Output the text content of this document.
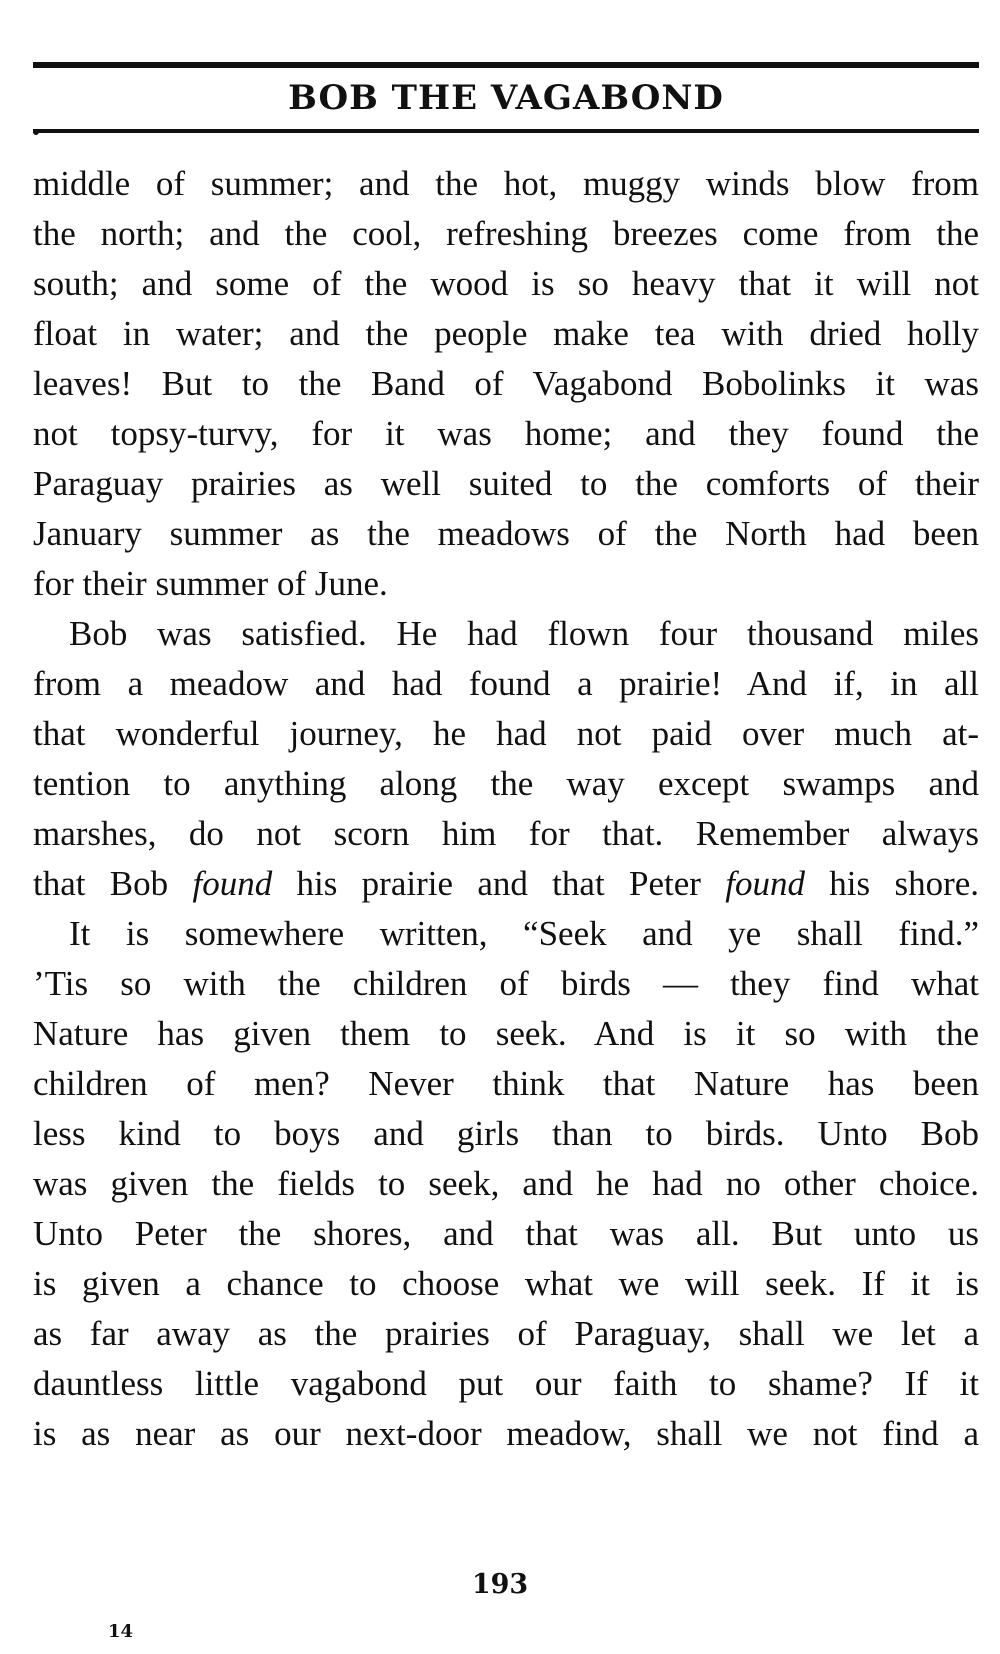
BOB THE VAGABOND
middle of summer; and the hot, muggy winds blow from
the north; and the cool, refreshing breezes come from the
south; and some of the wood is so heavy that it will not
float in water; and the people make tea with dried holly
leaves! But to the Band of Vagabond Bobolinks it was
not topsy-turvy, for it was home; and they found the
Paraguay prairies as well suited to the comforts of their
January summer as the meadows of the North had been
for their summer of June.
Bob was satisfied. He had flown four thousand miles
from a meadow and had found a prairie! And if, in all
that wonderful journey, he had not paid over much at-
tention to anything along the way except swamps and
marshes, do not scorn him for that. Remember always
that Bob found his prairie and that Peter found his shore.
It is somewhere written, “Seek and ye shall find.”
’Tis so with the children of birds — they find what
Nature has given them to seek. And is it so with the
children of men? Never think that Nature has been
less kind to boys and girls than to birds. Unto Bob
was given the fields to seek, and he had no other choice.
Unto Peter the shores, and that was all. But unto us
is given a chance to choose what we will seek. If it is
as far away as the prairies of Paraguay, shall we let a
dauntless little vagabond put our faith to shame? If it
is as near as our next-door meadow, shall we not find a
193
14
